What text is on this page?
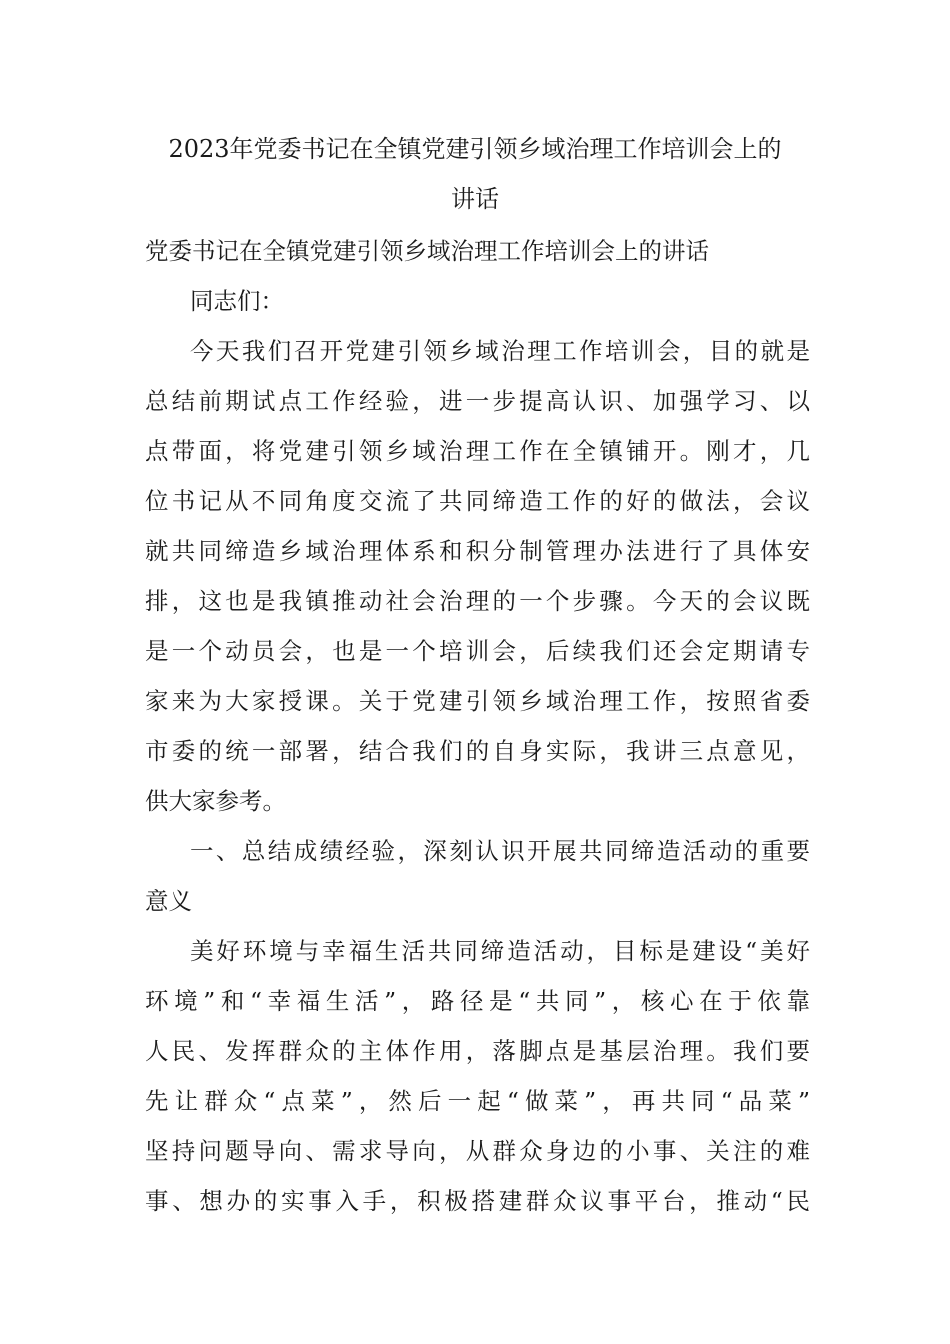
2023年党委书记在全镇党建引领乡域治理工作培训会上的
讲话
党委书记在全镇党建引领乡域治理工作培训会上的讲话
同志们：
今天我们召开党建引领乡域治理工作培训会，目的就是
总结前期试点工作经验，进一步提高认识、加强学习、以
点带面，将党建引领乡域治理工作在全镇铺开。刚才，几
位书记从不同角度交流了共同缔造工作的好的做法，会议
就共同缔造乡域治理体系和积分制管理办法进行了具体安
排，这也是我镇推动社会治理的一个步骤。今天的会议既
是一个动员会，也是一个培训会，后续我们还会定期请专
家来为大家授课。关于党建引领乡域治理工作，按照省委
市委的统一部署，结合我们的自身实际，我讲三点意见，
供大家参考。
一、总结成绩经验，深刻认识开展共同缔造活动的重要
意义
美好环境与幸福生活共同缔造活动，目标是建设“美好
环境”和“幸福生活”，路径是“共同”，核心在于依靠
人民、发挥群众的主体作用，落脚点是基层治理。我们要
先让群众“点菜”，然后一起“做菜”，再共同“品菜”
坚持问题导向、需求导向，从群众身边的小事、关注的难
事、想办的实事入手，积极搭建群众议事平台，推动“民
